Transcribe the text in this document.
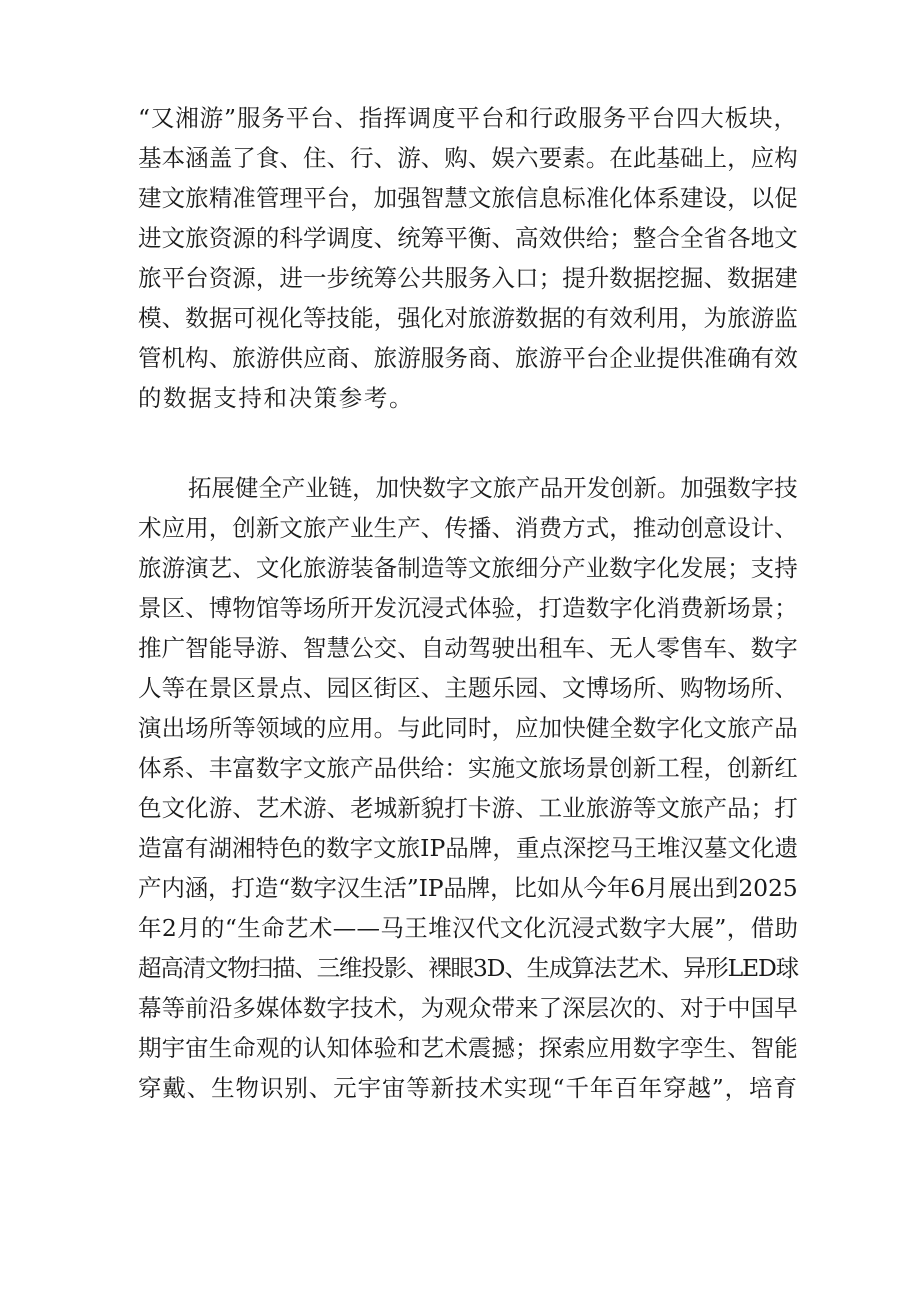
“又湘游”服务平台、指挥调度平台和行政服务平台四大板块，
基本涵盖了食、住、行、游、购、娱六要素。在此基础上，应构
建文旅精准管理平台，加强智慧文旅信息标准化体系建设，以促
进文旅资源的科学调度、统筹平衡、高效供给；整合全省各地文
旅平台资源，进一步统筹公共服务入口；提升数据挖掘、数据建
模、数据可视化等技能，强化对旅游数据的有效利用，为旅游监
管机构、旅游供应商、旅游服务商、旅游平台企业提供准确有效
的数据支持和决策参考。
拓展健全产业链，加快数字文旅产品开发创新。加强数字技
术应用，创新文旅产业生产、传播、消费方式，推动创意设计、
旅游演艺、文化旅游装备制造等文旅细分产业数字化发展；支持
景区、博物馆等场所开发沉浸式体验，打造数字化消费新场景；
推广智能导游、智慧公交、自动驾驶出租车、无人零售车、数字
人等在景区景点、园区街区、主题乐园、文博场所、购物场所、
演出场所等领域的应用。与此同时，应加快健全数字化文旅产品
体系、丰富数字文旅产品供给：实施文旅场景创新工程，创新红
色文化游、艺术游、老城新貌打卡游、工业旅游等文旅产品；打
造富有湖湘特色的数字文旅IP品牌，重点深挖马王堆汉墓文化遗
产内涵，打造“数字汉生活”IP品牌，比如从今年6月展出到2025
年2月的“生命艺术——马王堆汉代文化沉浸式数字大展”，借助
超高清文物扫描、三维投影、裸眼3D、生成算法艺术、异形LED球
幕等前沿多媒体数字技术，为观众带来了深层次的、对于中国早
期宇宙生命观的认知体验和艺术震撼；探索应用数字孪生、智能
穿戴、生物识别、元宇宙等新技术实现“千年百年穿越”，培育
